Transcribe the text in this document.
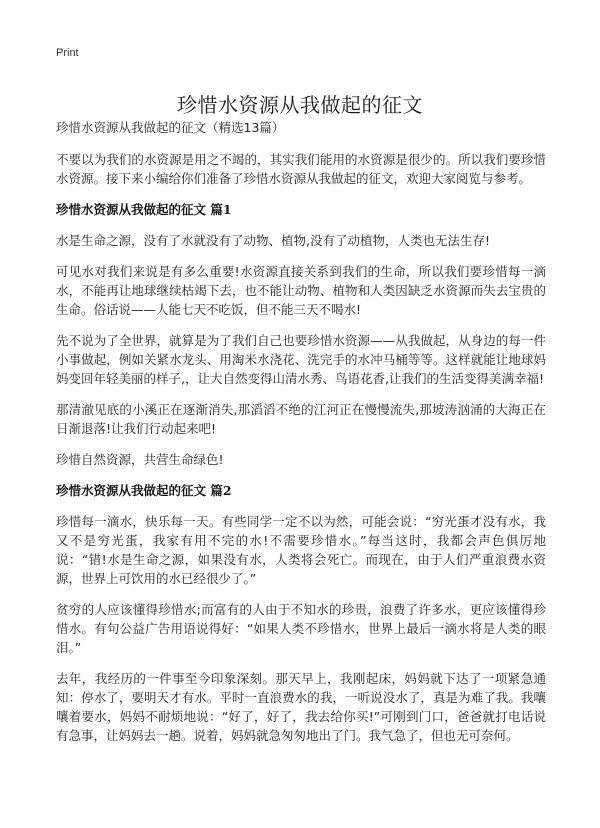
Print
珍惜水资源从我做起的征文
珍惜水资源从我做起的征文（精选13篇）

不要以为我们的水资源是用之不竭的，其实我们能用的水资源是很少的。所以我们要珍惜水资源。接下来小编给你们准备了珍惜水资源从我做起的征文，欢迎大家阅览与参考。

珍惜水资源从我做起的征文 篇1

水是生命之源，没有了水就没有了动物、植物,没有了动植物，人类也无法生存!

可见水对我们来说是有多么重要!水资源直接关系到我们的生命，所以我们要珍惜每一滴水，不能再让地球继续枯竭下去，也不能让动物、植物和人类因缺乏水资源而失去宝贵的生命。俗话说——人能七天不吃饭，但不能三天不喝水!

先不说为了全世界，就算是为了我们自己也要珍惜水资源——从我做起，从身边的每一件小事做起，例如关紧水龙头、用淘米水浇花、洗完手的水冲马桶等等。这样就能让地球妈妈变回年轻美丽的样子,，让大自然变得山清水秀、鸟语花香,让我们的生活变得美满幸福!

那清澈见底的小溪正在逐渐消失,那滔滔不绝的江河正在慢慢流失,那坡涛汹涌的大海正在日渐退落!让我们行动起来吧!

珍惜自然资源，共营生命绿色!

珍惜水资源从我做起的征文 篇2

珍惜每一滴水，快乐每一天。有些同学一定不以为然，可能会说：“穷光蛋才没有水，我又不是穷光蛋，我家有用不完的水!不需要珍惜水。”每当这时，我都会声色俱厉地说：“错!水是生命之源，如果没有水，人类将会死亡。而现在，由于人们严重浪费水资源，世界上可饮用的水已经很少了。”

贫穷的人应该懂得珍惜水;而富有的人由于不知水的珍贵，浪费了许多水，更应该懂得珍惜水。有句公益广告用语说得好：“如果人类不珍惜水，世界上最后一滴水将是人类的眼泪。”

去年，我经历的一件事至今印象深刻。那天早上，我刚起床，妈妈就下达了一项紧急通知：停水了，要明天才有水。平时一直浪费水的我，一听说没水了，真是为难了我。我嚷嚷着要水，妈妈不耐烦地说：“好了，好了，我去给你买!”可刚到门口，爸爸就打电话说有急事，让妈妈去一趟。说着，妈妈就急匆匆地出了门。我气急了，但也无可奈何。
